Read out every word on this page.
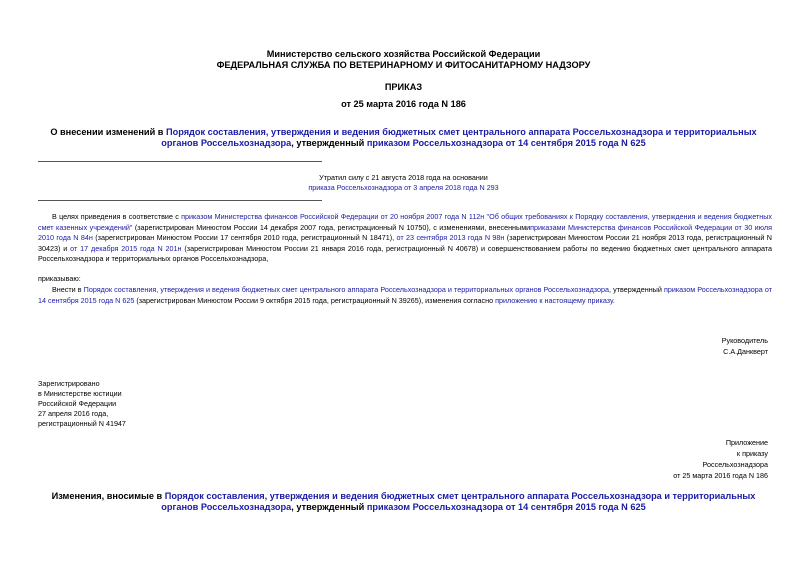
Министерство сельского хозяйства Российской Федерации
ФЕДЕРАЛЬНАЯ СЛУЖБА ПО ВЕТЕРИНАРНОМУ И ФИТОСАНИТАРНОМУ НАДЗОРУ
ПРИКАЗ
от 25 марта 2016 года N 186
О внесении изменений в Порядок составления, утверждения и ведения бюджетных смет центрального аппарата Россельхознадзора и территориальных органов Россельхознадзора, утвержденный приказом Россельхознадзора от 14 сентября 2015 года N 625
Утратил силу с 21 августа 2018 года на основании
приказа Россельхознадзора от 3 апреля 2018 года N 293
В целях приведения в соответствие с приказом Министерства финансов Российской Федерации от 20 ноября 2007 года N 112н "Об общих требованиях к Порядку составления, утверждения и ведения бюджетных смет казенных учреждений" (зарегистрирован Минюстом России 14 декабря 2007 года, регистрационный N 10750), с изменениями, внесеннымиприказами Министерства финансов Российской Федерации от 30 июля 2010 года N 84н (зарегистрирован Минюстом России 17 сентября 2010 года, регистрационный N 18471), от 23 сентября 2013 года N 98н (зарегистрирован Минюстом России 21 ноября 2013 года, регистрационный N 30423) и от 17 декабря 2015 года N 201н (зарегистрирован Минюстом России 21 января 2016 года, регистрационный N 40678) и совершенствованием работы по ведению бюджетных смет центрального аппарата Россельхознадзора и территориальных органов Россельхознадзора,
приказываю:
Внести в Порядок составления, утверждения и ведения бюджетных смет центрального аппарата Россельхознадзора и территориальных органов Россельхознадзора, утвержденный приказом Россельхознадзора от 14 сентября 2015 года N 625 (зарегистрирован Минюстом России 9 октября 2015 года, регистрационный N 39265), изменения согласно приложению к настоящему приказу.
Руководитель
С.А.Данкверт
Зарегистрировано
в Министерстве юстиции
Российской Федерации
27 апреля 2016 года,
регистрационный N 41947
Приложение
к приказу
Россельхознадзора
от 25 марта 2016 года N 186
Изменения, вносимые в Порядок составления, утверждения и ведения бюджетных смет центрального аппарата Россельхознадзора и территориальных органов Россельхознадзора, утвержденный приказом Россельхознадзора от 14 сентября 2015 года N 625
